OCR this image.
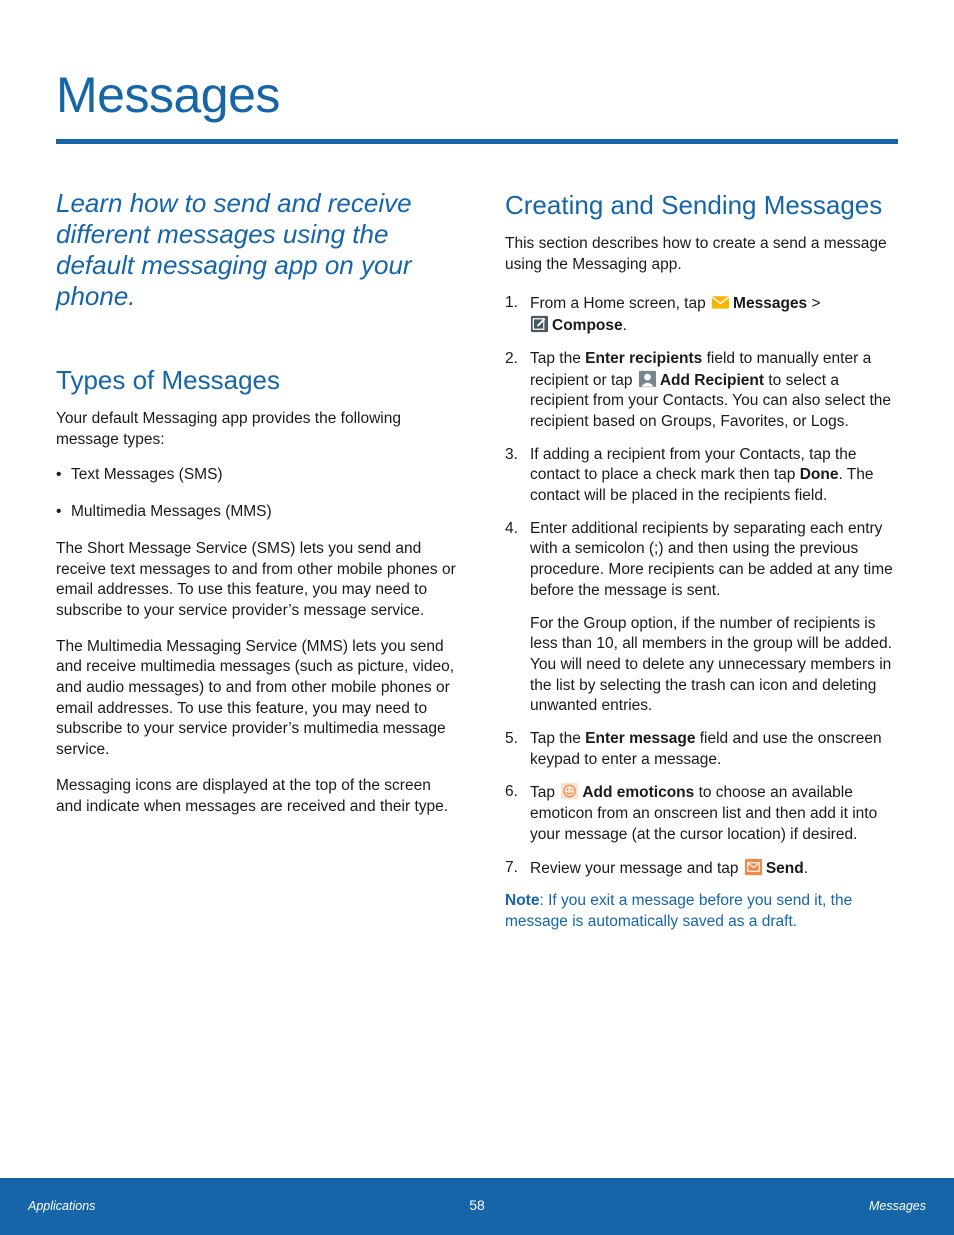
Messages

Learn how to send and receive different messages using the default messaging app on your phone.

Types of Messages

Your default Messaging app provides the following message types:

• Text Messages (SMS)
• Multimedia Messages (MMS)

The Short Message Service (SMS) lets you send and receive text messages to and from other mobile phones or email addresses. To use this feature, you may need to subscribe to your service provider’s message service.

The Multimedia Messaging Service (MMS) lets you send and receive multimedia messages (such as picture, video, and audio messages) to and from other mobile phones or email addresses. To use this feature, you may need to subscribe to your service provider’s multimedia message service.

Messaging icons are displayed at the top of the screen and indicate when messages are received and their type.

Creating and Sending Messages

This section describes how to create a send a message using the Messaging app.

1. From a Home screen, tap Messages >
Compose.
2. Tap the Enter recipients field to manually enter a recipient or tap Add Recipient to select a recipient from your Contacts. You can also select the recipient based on Groups, Favorites, or Logs.
3. If adding a recipient from your Contacts, tap the contact to place a check mark then tap Done. The contact will be placed in the recipients field.
4. Enter additional recipients by separating each entry with a semicolon (;) and then using the previous procedure. More recipients can be added at any time before the message is sent.

For the Group option, if the number of recipients is less than 10, all members in the group will be added. You will need to delete any unnecessary members in the list by selecting the trash can icon and deleting unwanted entries.

5. Tap the Enter message field and use the onscreen keypad to enter a message.
6. Tap Add emoticons to choose an available emoticon from an onscreen list and then add it into your message (at the cursor location) if desired.
7. Review your message and tap Send.

Note: If you exit a message before you send it, the message is automatically saved as a draft.

Applications	58	Messages
